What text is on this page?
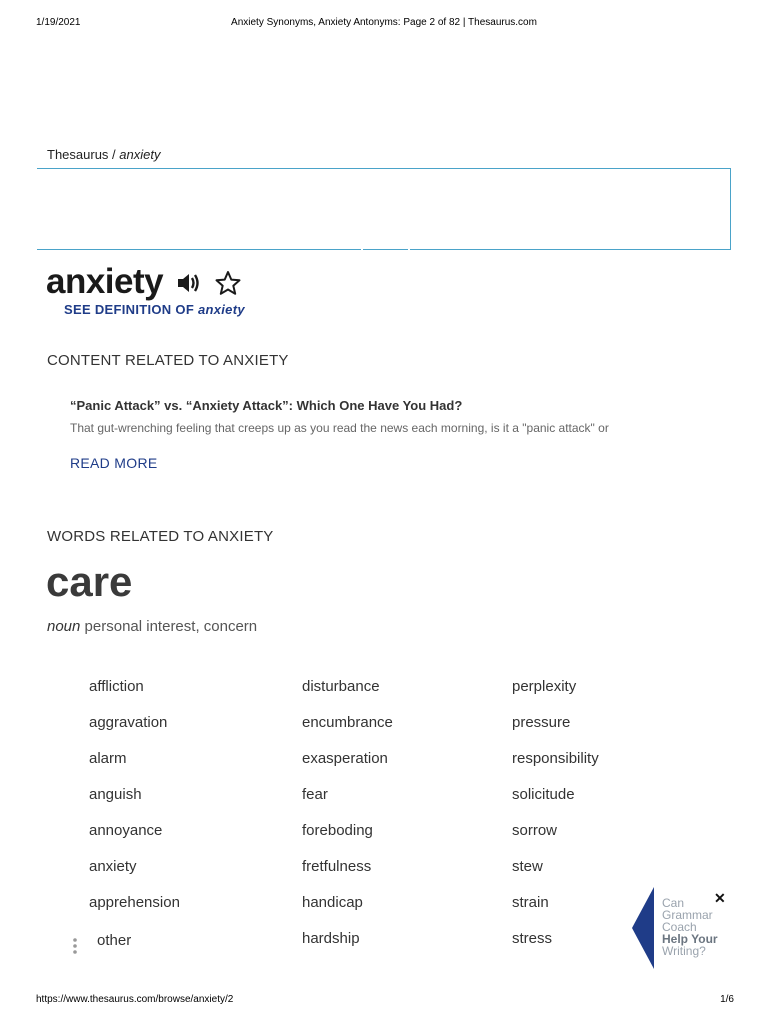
1/19/2021	Anxiety Synonyms, Anxiety Antonyms: Page 2 of 82 | Thesaurus.com
Thesaurus / anxiety
anxiety
SEE DEFINITION OF anxiety
CONTENT RELATED TO ANXIETY
“Panic Attack” vs. “Anxiety Attack”: Which One Have You Had?
That gut-wrenching feeling that creeps up as you read the news each morning, is it a "panic attack" or
READ MORE
WORDS RELATED TO ANXIETY
care
noun personal interest, concern
affliction
aggravation
alarm
anguish
annoyance
anxiety
apprehension
disturbance
encumbrance
exasperation
fear
foreboding
fretfulness
handicap
hardship
perplexity
pressure
responsibility
solicitude
sorrow
stew
strain
stress
other
Can
Grammar
Coach
Help Your
Writing?
✕
https://www.thesaurus.com/browse/anxiety/2	1/6
